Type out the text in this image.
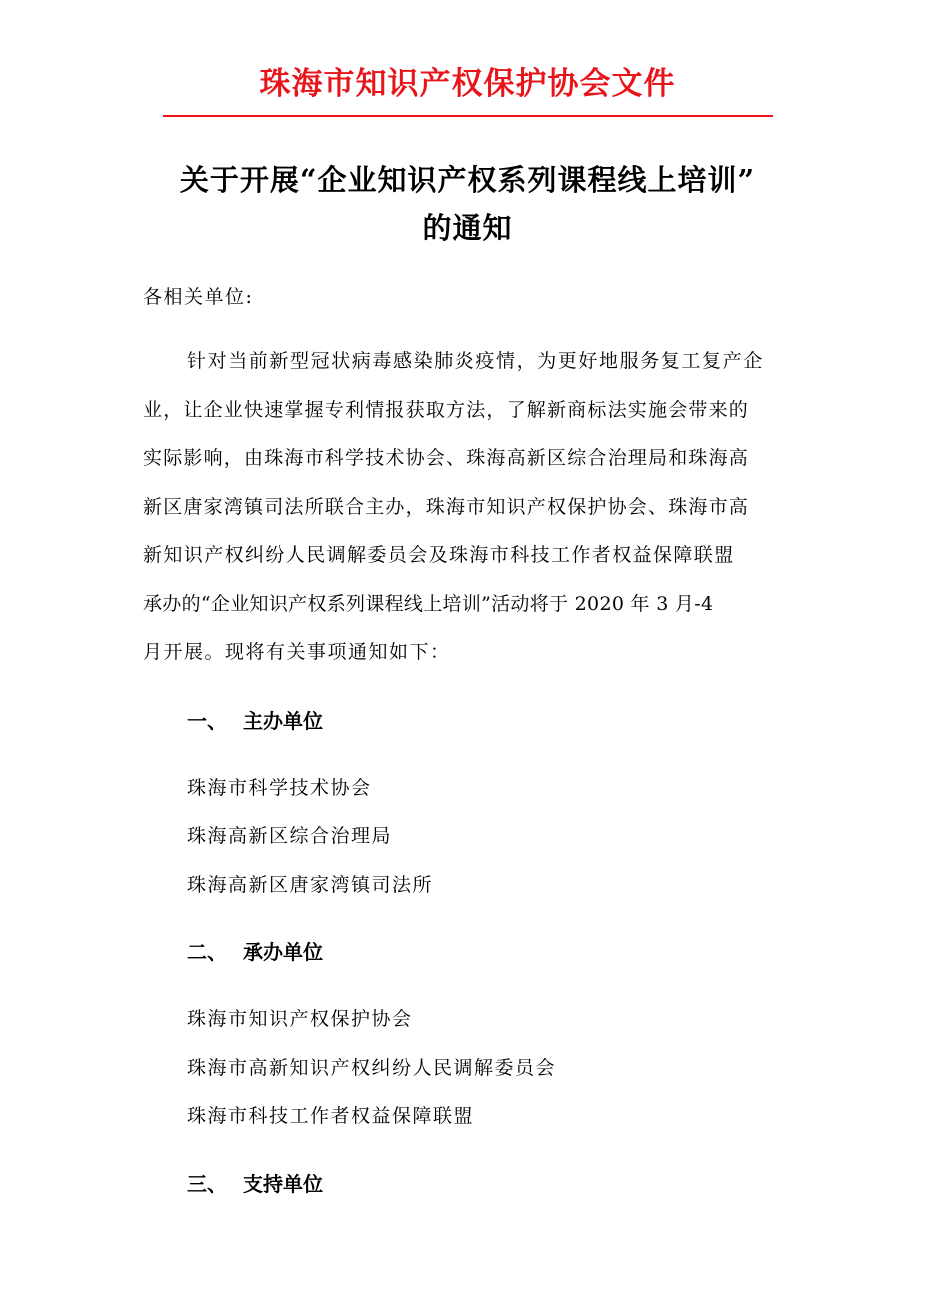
珠海市知识产权保护协会文件
关于开展“企业知识产权系列课程线上培训”
的通知
各相关单位:
针对当前新型冠状病毒感染肺炎疫情，为更好地服务复工复产企
业，让企业快速掌握专利情报获取方法，了解新商标法实施会带来的
实际影响，由珠海市科学技术协会、珠海高新区综合治理局和珠海高
新区唐家湾镇司法所联合主办，珠海市知识产权保护协会、珠海市高
新知识产权纠纷人民调解委员会及珠海市科技工作者权益保障联盟
承办的“企业知识产权系列课程线上培训”活动将于 2020 年 3 月-4
月开展。现将有关事项通知如下：
一、 主办单位
珠海市科学技术协会
珠海高新区综合治理局
珠海高新区唐家湾镇司法所
二、 承办单位
珠海市知识产权保护协会
珠海市高新知识产权纠纷人民调解委员会
珠海市科技工作者权益保障联盟
三、 支持单位
